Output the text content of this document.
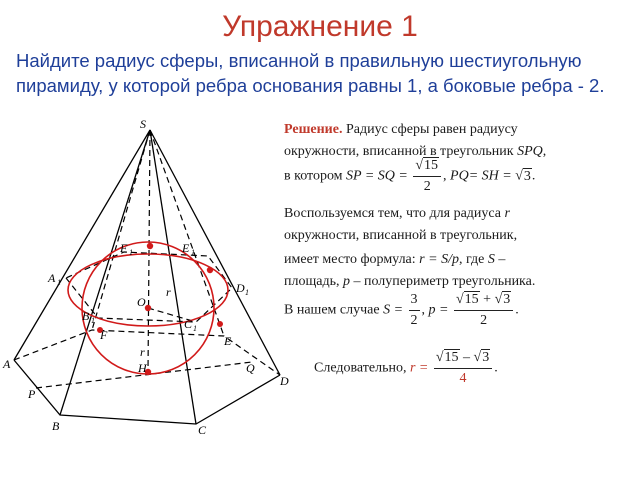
Упражнение 1
Найдите радиус сферы, вписанной в правильную шестиугольную пирамиду, у которой ребра основания равны 1, а боковые ребра - 2.
S
A
B	C
D
E
F
A 1
B 1	C 1
D 1
E 1
F 1
O
H
P
Q
r
r
Решение. Радиус сферы равен радиусу
окружности, вписанной в треугольник SPQ,
в котором SP = SQ = $\frac{√15}{2}$ , PQ= SH = √3.
Воспользуемся тем, что для радиуса r
окружности, вписанной в треугольник,
имеет место формула: r = S/p, где S –
площадь, p – полупериметр треугольника.
В нашем случае $S = \frac{3}{2}$ , $p = \frac{√15 + √3}{2}$ .
Следовательно, $r = \frac{√15 - √3}{4}$ .
